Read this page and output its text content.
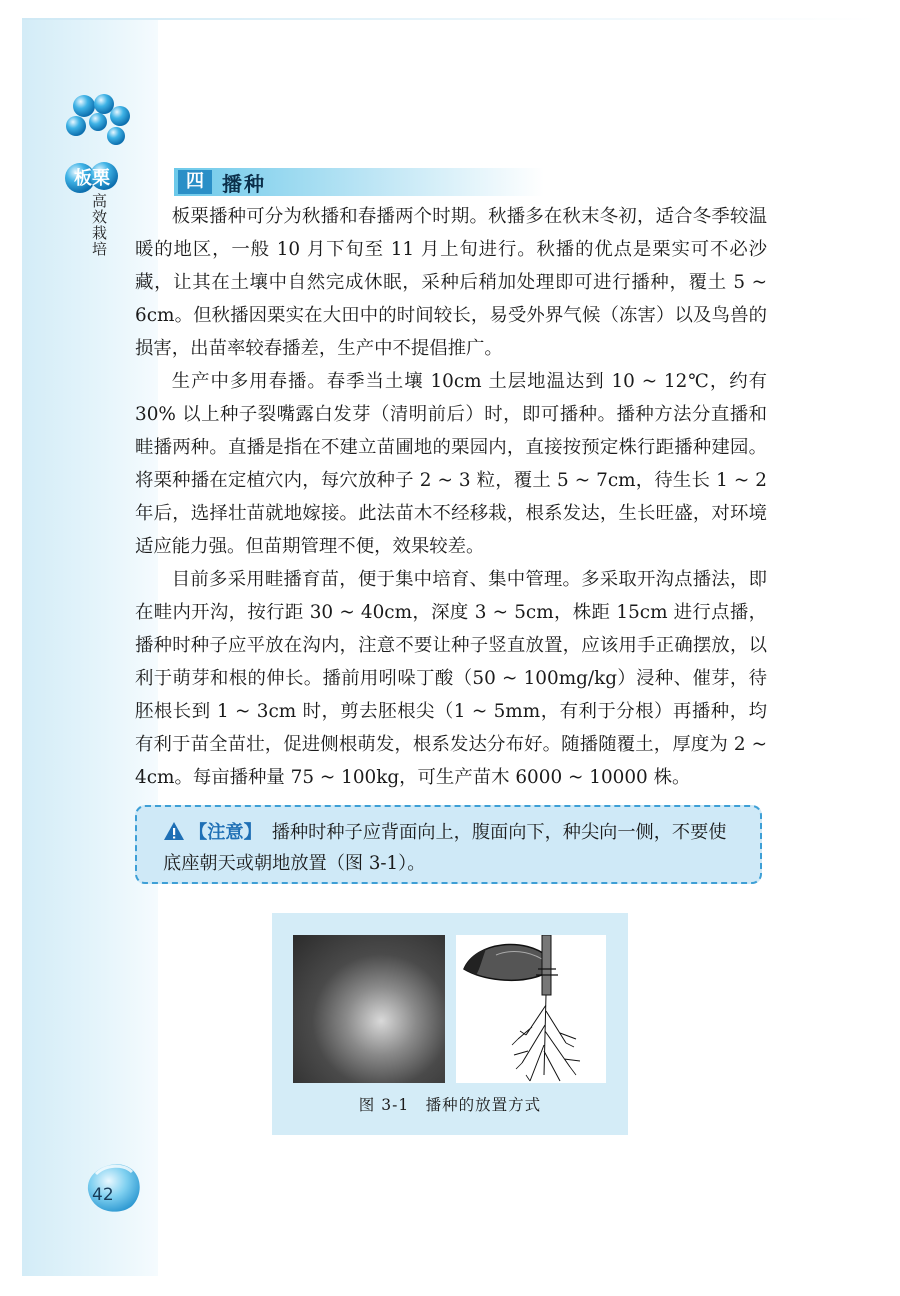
板栗
高效栽培
四 播种

板栗播种可分为秋播和春播两个时期。秋播多在秋末冬初，适合冬季较温暖的地区，一般 10 月下旬至 11 月上旬进行。秋播的优点是栗实可不必沙藏，让其在土壤中自然完成休眠，采种后稍加处理即可进行播种，覆土 5 ~ 6cm。但秋播因栗实在大田中的时间较长，易受外界气候（冻害）以及鸟兽的损害，出苗率较春播差，生产中不提倡推广。

生产中多用春播。春季当土壤 10cm 土层地温达到 10 ~ 12℃，约有 30% 以上种子裂嘴露白发芽（清明前后）时，即可播种。播种方法分直播和畦播两种。直播是指在不建立苗圃地的栗园内，直接按预定株行距播种建园。将栗种播在定植穴内，每穴放种子 2 ~ 3 粒，覆土 5 ~ 7cm，待生长 1 ~ 2 年后，选择壮苗就地嫁接。此法苗木不经移栽，根系发达，生长旺盛，对环境适应能力强。但苗期管理不便，效果较差。

目前多采用畦播育苗，便于集中培育、集中管理。多采取开沟点播法，即在畦内开沟，按行距 30 ~ 40cm，深度 3 ~ 5cm，株距 15cm 进行点播，播种时种子应平放在沟内，注意不要让种子竖直放置，应该用手正确摆放，以利于萌芽和根的伸长。播前用吲哚丁酸（50 ~ 100mg/kg）浸种、催芽，待胚根长到 1 ~ 3cm 时，剪去胚根尖（1 ~ 5mm，有利于分根）再播种，均有利于苗全苗壮，促进侧根萌发，根系发达分布好。随播随覆土，厚度为 2 ~ 4cm。每亩播种量 75 ~ 100kg，可生产苗木 6000 ~ 10000 株。

【注意】 播种时种子应背面向上，腹面向下，种尖向一侧，不要使底座朝天或朝地放置（图 3-1）。
图 3-1　播种的放置方式
42
